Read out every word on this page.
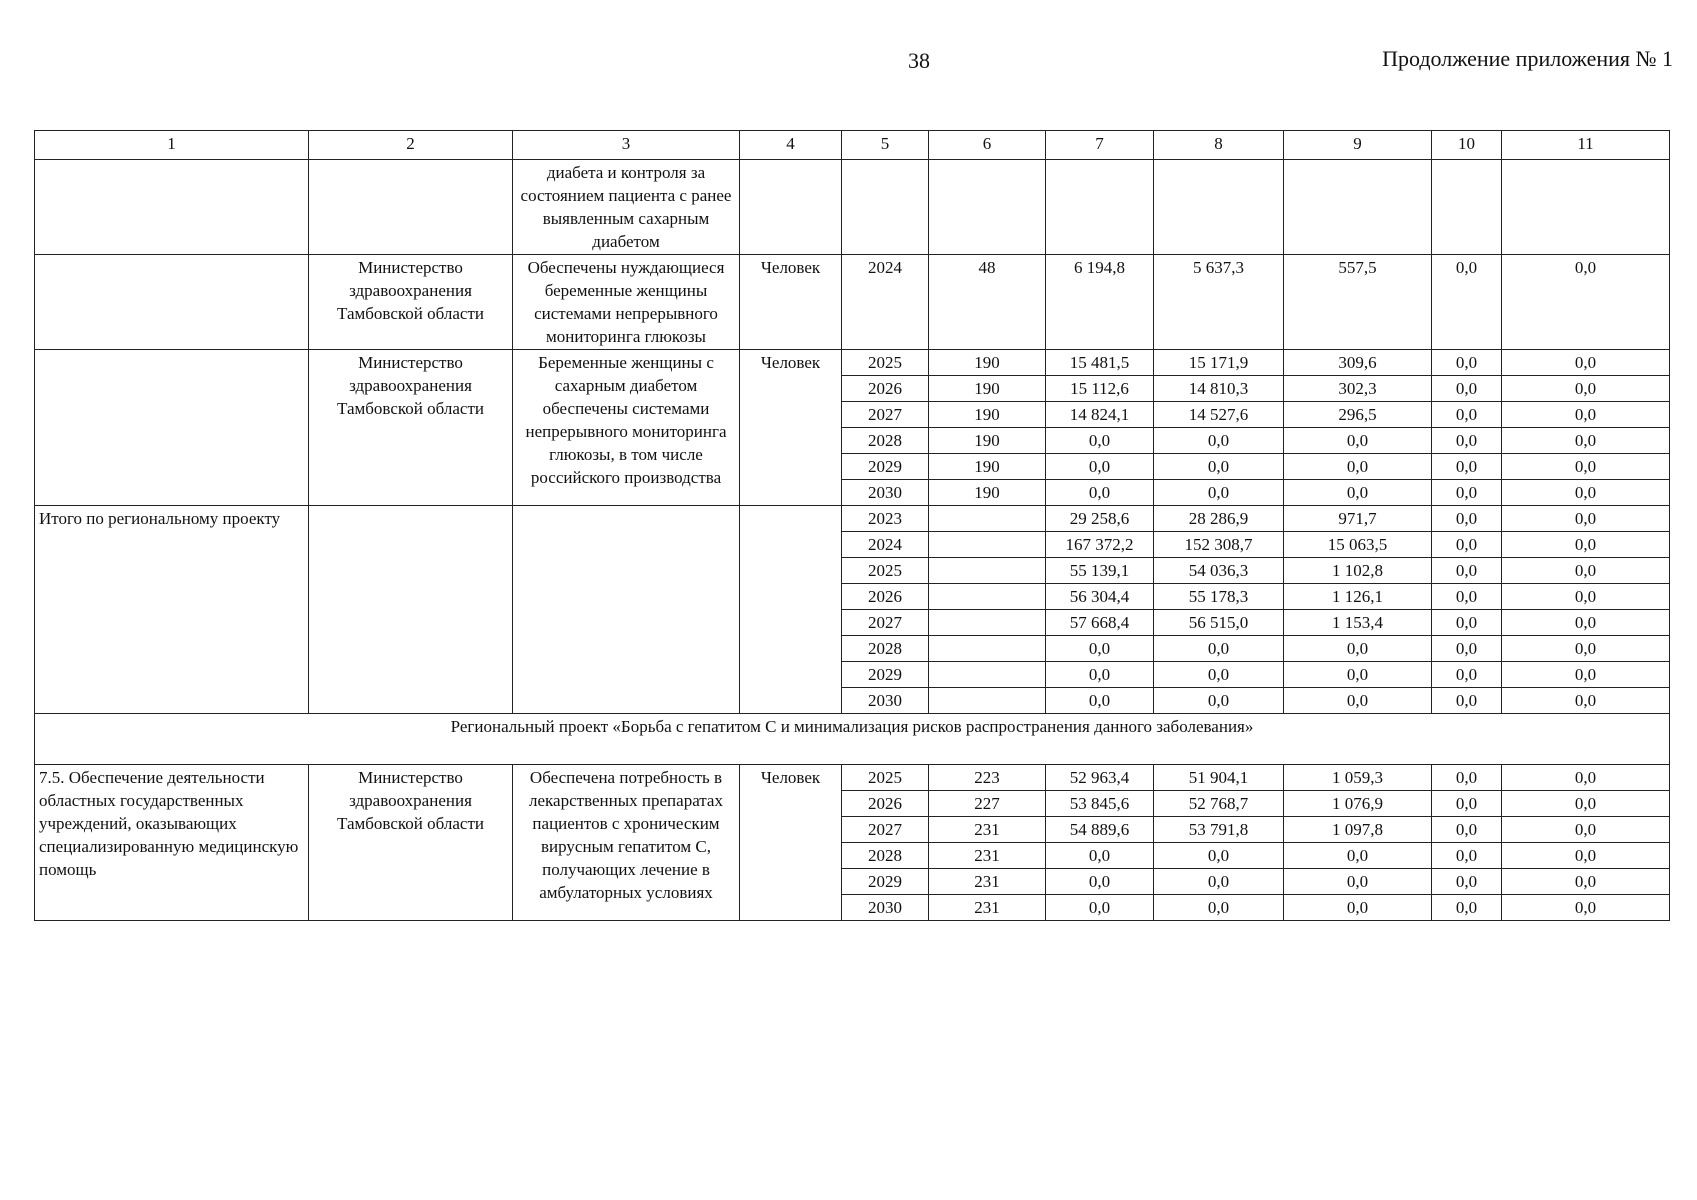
38	Продолжение приложения № 1
1	2	3	4	5	6	7	8	9	10	11
		диабета и контроля за состоянием пациента с ранее выявленным сахарным диабетом								
	Министерство здравоохранения Тамбовской области	Обеспечены нуждающиеся беременные женщины системами непрерывного мониторинга глюкозы	Человек	2024	48	6 194,8	5 637,3	557,5	0,0	0,0
	Министерство здравоохранения Тамбовской области	Беременные женщины с сахарным диабетом обеспечены системами непрерывного мониторинга глюкозы, в том числе российского производства	Человек	2025	190	15 481,5	15 171,9	309,6	0,0	0,0
				2026	190	15 112,6	14 810,3	302,3	0,0	0,0
				2027	190	14 824,1	14 527,6	296,5	0,0	0,0
				2028	190	0,0	0,0	0,0	0,0	0,0
				2029	190	0,0	0,0	0,0	0,0	0,0
				2030	190	0,0	0,0	0,0	0,0	0,0
Итого по региональному проекту				2023		29 258,6	28 286,9	971,7	0,0	0,0
				2024		167 372,2	152 308,7	15 063,5	0,0	0,0
				2025		55 139,1	54 036,3	1 102,8	0,0	0,0
				2026		56 304,4	55 178,3	1 126,1	0,0	0,0
				2027		57 668,4	56 515,0	1 153,4	0,0	0,0
				2028		0,0	0,0	0,0	0,0	0,0
				2029		0,0	0,0	0,0	0,0	0,0
				2030		0,0	0,0	0,0	0,0	0,0
Региональный проект «Борьба с гепатитом С и минимализация рисков распространения данного заболевания»										
7.5. Обеспечение деятельности областных государственных учреждений, оказывающих специализированную медицинскую помощь	Министерство здравоохранения Тамбовской области	Обеспечена потребность в лекарственных препаратах пациентов с хроническим вирусным гепатитом С, получающих лечение в амбулаторных условиях	Человек	2025	223	52 963,4	51 904,1	1 059,3	0,0	0,0
				2026	227	53 845,6	52 768,7	1 076,9	0,0	0,0
				2027	231	54 889,6	53 791,8	1 097,8	0,0	0,0
				2028	231	0,0	0,0	0,0	0,0	0,0
				2029	231	0,0	0,0	0,0	0,0	0,0
				2030	231	0,0	0,0	0,0	0,0	0,0
